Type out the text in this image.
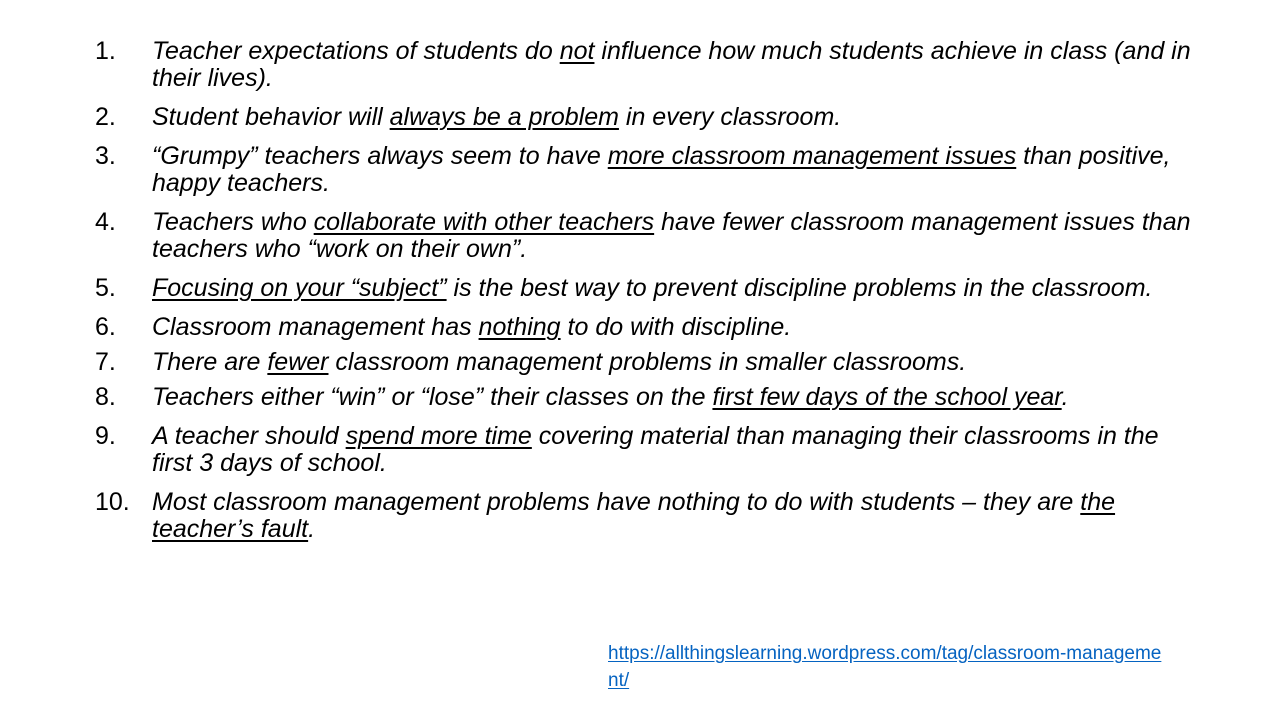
1.	Teacher expectations of students do not influence how much students achieve in class (and in their lives).
2.	Student behavior will always be a problem in every classroom.
3.	“Grumpy” teachers always seem to have more classroom management issues than positive, happy teachers.
4.	Teachers who collaborate with other teachers have fewer classroom management issues than teachers who “work on their own”.
5.	Focusing on your “subject” is the best way to prevent discipline problems in the classroom.
6.	Classroom management has nothing to do with discipline.
7.	There are fewer classroom management problems in smaller classrooms.
8.	Teachers either “win” or “lose” their classes on the first few days of the school year.
9.	A teacher should spend more time covering material than managing their classrooms in the first 3 days of school.
10. Most classroom management problems have nothing to do with students – they are the teacher’s fault.
https://allthingslearning.wordpress.com/tag/classroom-management/
